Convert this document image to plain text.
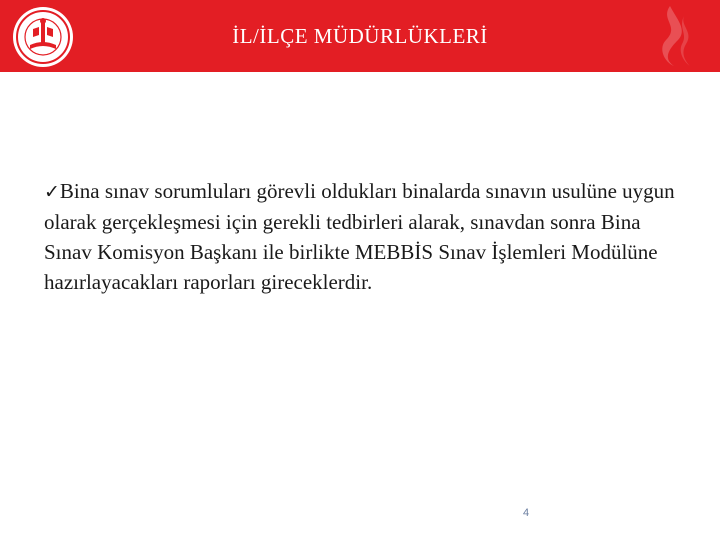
İL/İLÇE MÜDÜRLÜKLERİ
✓Bina sınav sorumluları görevli oldukları binalarda sınavın usulüne uygun olarak gerçekleşmesi için gerekli tedbirleri alarak, sınavdan sonra Bina Sınav Komisyon Başkanı ile birlikte MEBBİS Sınav İşlemleri Modülüne hazırlayacakları raporları gireceklerdir.
4
